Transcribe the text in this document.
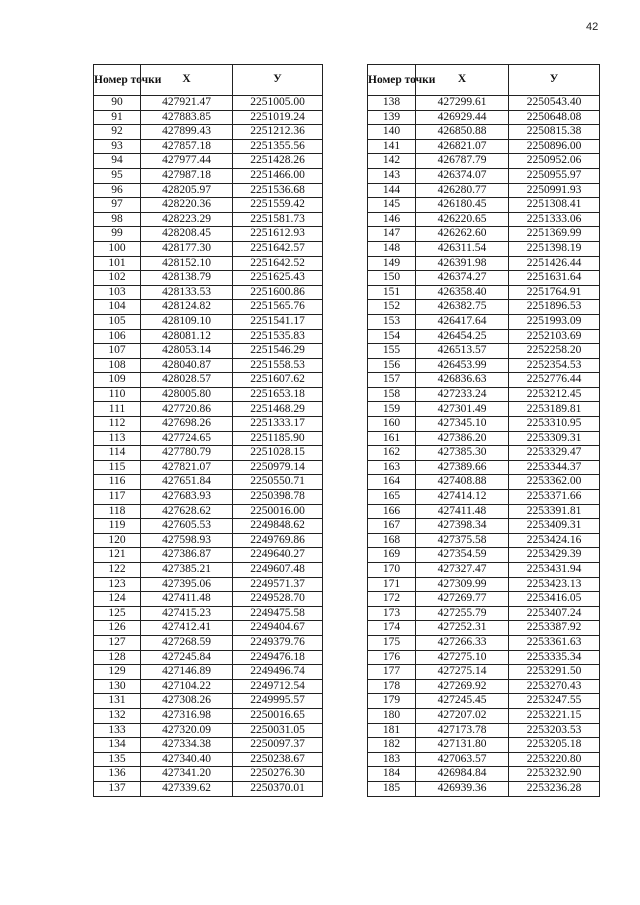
42
Номер точки	X	У
90	427921.47	2251005.00
91	427883.85	2251019.24
92	427899.43	2251212.36
93	427857.18	2251355.56
94	427977.44	2251428.26
95	427987.18	2251466.00
96	428205.97	2251536.68
97	428220.36	2251559.42
98	428223.29	2251581.73
99	428208.45	2251612.93
100	428177.30	2251642.57
101	428152.10	2251642.52
102	428138.79	2251625.43
103	428133.53	2251600.86
104	428124.82	2251565.76
105	428109.10	2251541.17
106	428081.12	2251535.83
107	428053.14	2251546.29
108	428040.87	2251558.53
109	428028.57	2251607.62
110	428005.80	2251653.18
111	427720.86	2251468.29
112	427698.26	2251333.17
113	427724.65	2251185.90
114	427780.79	2251028.15
115	427821.07	2250979.14
116	427651.84	2250550.71
117	427683.93	2250398.78
118	427628.62	2250016.00
119	427605.53	2249848.62
120	427598.93	2249769.86
121	427386.87	2249640.27
122	427385.21	2249607.48
123	427395.06	2249571.37
124	427411.48	2249528.70
125	427415.23	2249475.58
126	427412.41	2249404.67
127	427268.59	2249379.76
128	427245.84	2249476.18
129	427146.89	2249496.74
130	427104.22	2249712.54
131	427308.26	2249995.57
132	427316.98	2250016.65
133	427320.09	2250031.05
134	427334.38	2250097.37
135	427340.40	2250238.67
136	427341.20	2250276.30
137	427339.62	2250370.01
Номер точки	X	У
138	427299.61	2250543.40
139	426929.44	2250648.08
140	426850.88	2250815.38
141	426821.07	2250896.00
142	426787.79	2250952.06
143	426374.07	2250955.97
144	426280.77	2250991.93
145	426180.45	2251308.41
146	426220.65	2251333.06
147	426262.60	2251369.99
148	426311.54	2251398.19
149	426391.98	2251426.44
150	426374.27	2251631.64
151	426358.40	2251764.91
152	426382.75	2251896.53
153	426417.64	2251993.09
154	426454.25	2252103.69
155	426513.57	2252258.20
156	426453.99	2252354.53
157	426836.63	2252776.44
158	427233.24	2253212.45
159	427301.49	2253189.81
160	427345.10	2253310.95
161	427386.20	2253309.31
162	427385.30	2253329.47
163	427389.66	2253344.37
164	427408.88	2253362.00
165	427414.12	2253371.66
166	427411.48	2253391.81
167	427398.34	2253409.31
168	427375.58	2253424.16
169	427354.59	2253429.39
170	427327.47	2253431.94
171	427309.99	2253423.13
172	427269.77	2253416.05
173	427255.79	2253407.24
174	427252.31	2253387.92
175	427266.33	2253361.63
176	427275.10	2253335.34
177	427275.14	2253291.50
178	427269.92	2253270.43
179	427245.45	2253247.55
180	427207.02	2253221.15
181	427173.78	2253203.53
182	427131.80	2253205.18
183	427063.57	2253220.80
184	426984.84	2253232.90
185	426939.36	2253236.28
